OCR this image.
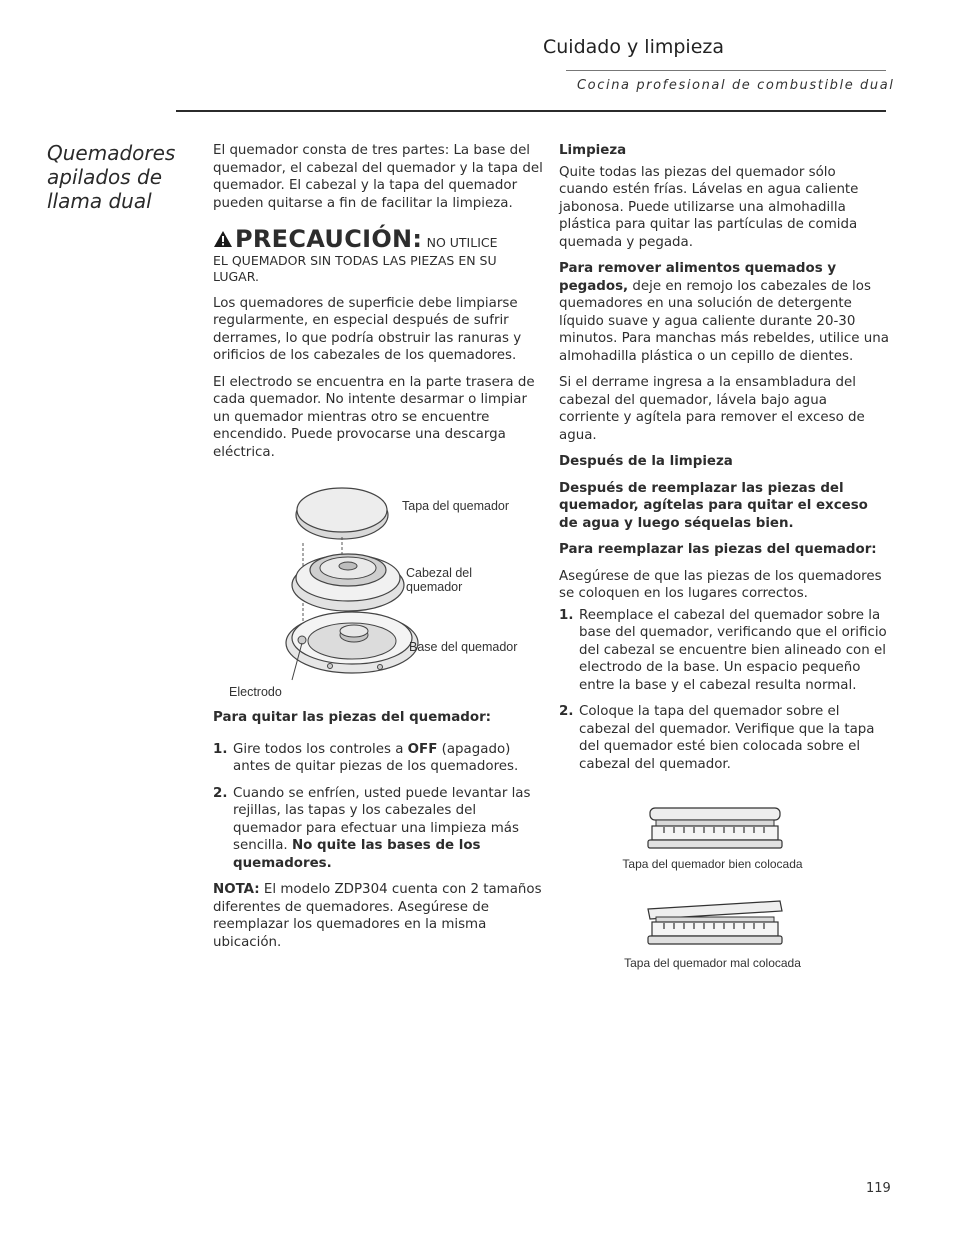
Cuidado y limpieza
Cocina profesional de combustible dual
Quemadores apilados de llama dual

El quemador consta de tres partes: La base del quemador, el cabezal del quemador y la tapa del quemador. El cabezal y la tapa del quemador pueden quitarse a fin de facilitar la limpieza.

PRECAUCIÓN: NO UTILICE
EL QUEMADOR SIN TODAS LAS PIEZAS EN SU LUGAR.

Los quemadores de superficie debe limpiarse regularmente, en especial después de sufrir derrames, lo que podría obstruir las ranuras y orificios de los cabezales de los quemadores.

El electrodo se encuentra en la parte trasera de cada quemador. No intente desarmar o limpiar un quemador mientras otro se encuentre encendido. Puede provocarse una descarga eléctrica.

Para quitar las piezas del quemador:

1. Gire todos los controles a OFF (apagado) antes de quitar piezas de los quemadores.
2. Cuando se enfríen, usted puede levantar las rejillas, las tapas y los cabezales del quemador para efectuar una limpieza más sencilla. No quite las bases de los quemadores.

NOTA: El modelo ZDP304 cuenta con 2 tamaños diferentes de quemadores. Asegúrese de reemplazar los quemadores en la misma ubicación.

Tapa del quemador
Cabezal del
quemador
Base del quemador
Electrodo

Limpieza

Quite todas las piezas del quemador sólo cuando estén frías. Lávelas en agua caliente jabonosa. Puede utilizarse una almohadilla plástica para quitar las partículas de comida quemada y pegada.

Para remover alimentos quemados y pegados, deje en remojo los cabezales de los quemadores en una solución de detergente líquido suave y agua caliente durante 20-30 minutos. Para manchas más rebeldes, utilice una almohadilla plástica o un cepillo de dientes.

Si el derrame ingresa a la ensambladura del cabezal del quemador, lávela bajo agua corriente y agítela para remover el exceso de agua.

Después de la limpieza

Después de reemplazar las piezas del quemador, agítelas para quitar el exceso de agua y luego séquelas bien.

Para reemplazar las piezas del quemador:

Asegúrese de que las piezas de los quemadores se coloquen en los lugares correctos.

1. Reemplace el cabezal del quemador sobre la base del quemador, verificando que el orificio del cabezal se encuentre bien alineado con el electrodo de la base. Un espacio pequeño entre la base y el cabezal resulta normal.
2. Coloque la tapa del quemador sobre el cabezal del quemador. Verifique que la tapa del quemador esté bien colocada sobre el cabezal del quemador.
Tapa del quemador bien colocada
Tapa del quemador mal colocada
119
